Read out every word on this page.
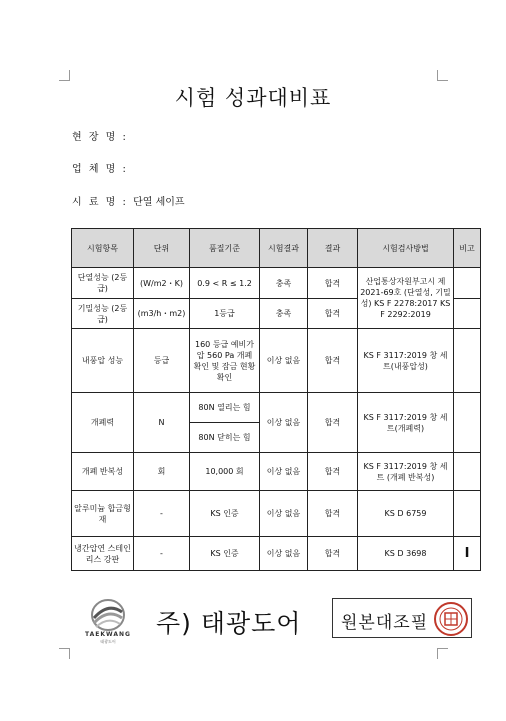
시험 성과대비표
현 장 명 :
업 체 명 :
시 료 명 : 단열 세이프
시험항목	단위	품질기준	시험결과	결과	시험검사방법	비고
단열성능 (2등급)	(W/m2・K)	0.9 < R ≤ 1.2	충족	합격	산업통상자원부고시 제2021-69호 (단열성, 기밀성) KS F 2278:2017 KS F 2292:2019	
기밀성능 (2등급)	(m3/h・m2)	1등급	충족	합격		
내풍압 성능	등급	160 등급 예비가압 560 Pa 개폐 확인 및 잠금 현황 확인	이상 없음	합격	KS F 3117:2019 창 세트(내풍압성)	
개폐력	N	80N 열리는 힘	이상 없음	합격	KS F 3117:2019 창 세트(개폐력)	
		80N 닫히는 힘				
개폐 반복성	회	10,000 회	이상 없음	합격	KS F 3117:2019 창 세트 (개폐 반복성)	
알루미늄 합금형재	-	KS 인증	이상 없음	합격	KS D 6759	
냉간압연 스테인리스 강판	-	KS 인증	이상 없음	합격	KS D 3698	I
TAEKWANG
태광도어
주) 태광도어 원본대조필
